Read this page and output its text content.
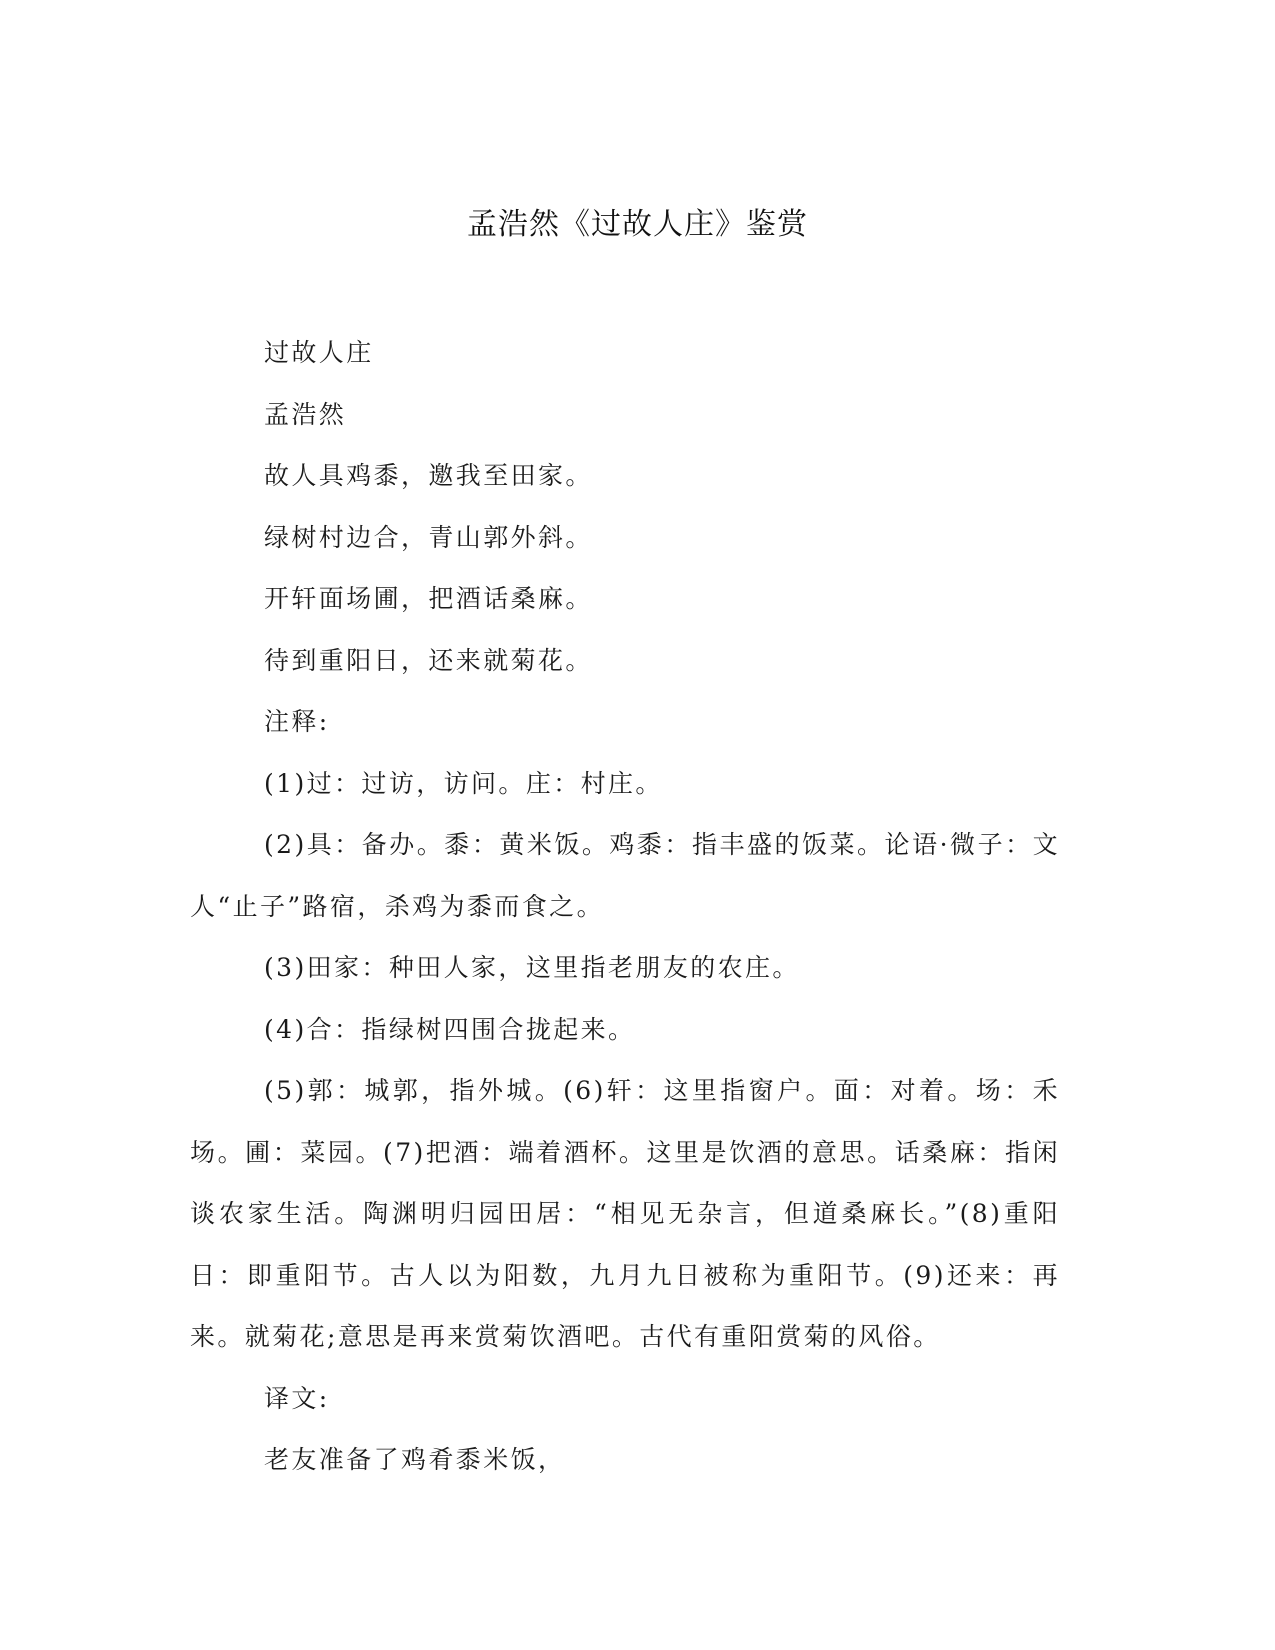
孟浩然《过故人庄》鉴赏

过故人庄

孟浩然

故人具鸡黍，邀我至田家。

绿树村边合，青山郭外斜。

开轩面场圃，把酒话桑麻。

待到重阳日，还来就菊花。

注释:

(1)过：过访，访问。庄：村庄。

(2)具：备办。黍：黄米饭。鸡黍：指丰盛的饭菜。论语·微子：文人“止子”路宿，杀鸡为黍而食之。

(3)田家：种田人家，这里指老朋友的农庄。

(4)合：指绿树四围合拢起来。

(5)郭：城郭，指外城。(6)轩：这里指窗户。面：对着。场：禾场。圃：菜园。(7)把酒：端着酒杯。这里是饮酒的意思。话桑麻：指闲谈农家生活。陶渊明归园田居：“相见无杂言，但道桑麻长。”(8)重阳日：即重阳节。古人以为阳数，九月九日被称为重阳节。(9)还来：再来。就菊花;意思是再来赏菊饮酒吧。古代有重阳赏菊的风俗。

译文:

老友准备了鸡肴黍米饭，
